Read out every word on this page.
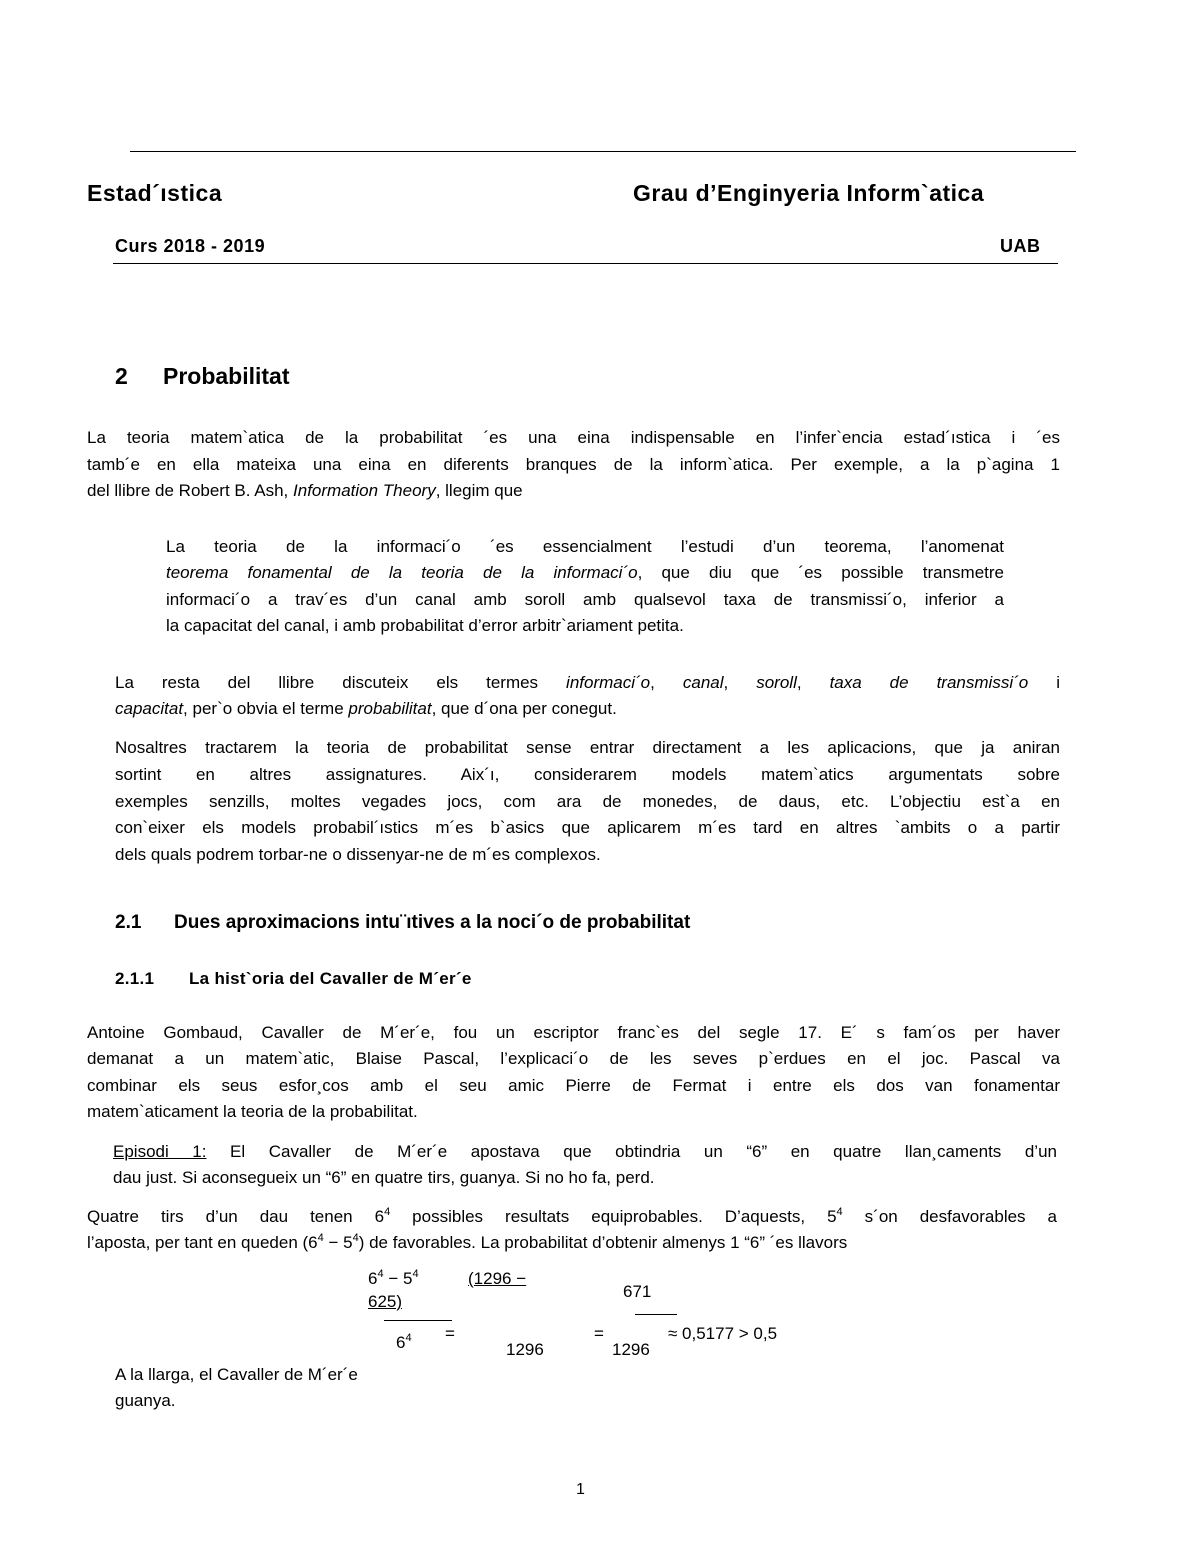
Estad´ıstica	Grau d’Enginyeria Inform`atica
Curs 2018 - 2019	UAB
2 Probabilitat
La teoria matem`atica de la probabilitat ´es una eina indispensable en l’infer`encia estad´ıstica i ´es
tamb´e en ella mateixa una eina en diferents branques de la inform`atica. Per exemple, a la p`agina 1
del llibre de Robert B. Ash, Information Theory, llegim que
La teoria de la informaci´o ´es essencialment l’estudi d’un teorema, l’anomenat
teorema fonamental de la teoria de la informaci´o, que diu que ´es possible transmetre
informaci´o a trav´es d’un canal amb soroll amb qualsevol taxa de transmissi´o, inferior a
la capacitat del canal, i amb probabilitat d’error arbitr`ariament petita.
La resta del llibre discuteix els termes informaci´o, canal, soroll, taxa de transmissi´o i
capacitat, per`o obvia el terme probabilitat, que d´ona per conegut.
Nosaltres tractarem la teoria de probabilitat sense entrar directament a les aplicacions, que ja aniran
sortint en altres assignatures. Aix´ı, considerarem models matem`atics argumentats sobre
exemples senzills, moltes vegades jocs, com ara de monedes, de daus, etc. L’objectiu est`a en
con`eixer els models probabil´ıstics m´es b`asics que aplicarem m´es tard en altres `ambits o a partir
dels quals podrem torbar-ne o dissenyar-ne de m´es complexos.
2.1 Dues aproximacions intu¨ıtives a la noci´o de probabilitat
2.1.1 La hist`oria del Cavaller de M´er´e
Antoine Gombaud, Cavaller de M´er´e, fou un escriptor franc`es del segle 17. E´ s fam´os per haver
demanat a un matem`atic, Blaise Pascal, l’explicaci´o de les seves p`erdues en el joc. Pascal va
combinar els seus esfor¸cos amb el seu amic Pierre de Fermat i entre els dos van fonamentar
matem`aticament la teoria de la probabilitat.
Episodi 1: El Cavaller de M´er´e apostava que obtindria un “6” en quatre llan¸caments d’un
dau just. Si aconsegueix un “6” en quatre tirs, guanya. Si no ho fa, perd.
Quatre tirs d’un dau tenen $6^4$ possibles resultats equiprobables. D’aquests, $5^4$ s´on desfavorables a
l’aposta, per tant en queden $(6^4 - 5^4)$ de favorables. La probabilitat d’obtenir almenys 1 “6” ´es llavors
$6^4 - 5^4$
625)
$6^4$ =
(1296 −
1296
=
671
1296
≈ 0,5177 > 0,5
A la llarga, el Cavaller de M´er´e
guanya.
1
